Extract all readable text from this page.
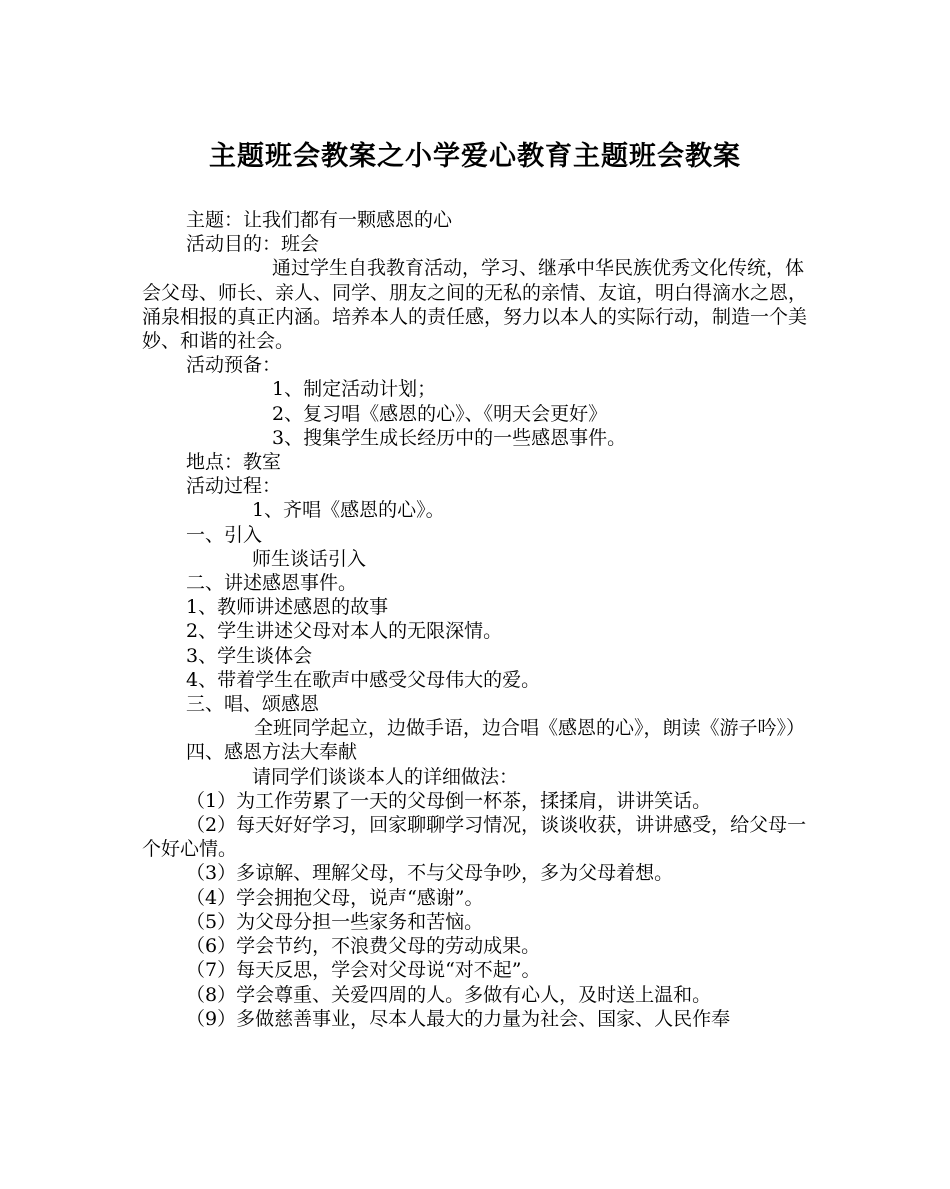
主题班会教案之小学爱心教育主题班会教案

主题：让我们都有一颗感恩的心

活动目的：班会

通过学生自我教育活动，学习、继承中华民族优秀文化传统，体会父母、师长、亲人、同学、朋友之间的无私的亲情、友谊，明白得滴水之恩，涌泉相报的真正内涵。培养本人的责任感，努力以本人的实际行动，制造一个美妙、和谐的社会。

活动预备：

1、制定活动计划；

2、复习唱《感恩的心》、《明天会更好》

3、搜集学生成长经历中的一些感恩事件。

地点：教室

活动过程：

1、齐唱《感恩的心》。

一、引入

师生谈话引入

二、讲述感恩事件。

1、教师讲述感恩的故事

2、学生讲述父母对本人的无限深情。

3、学生谈体会

4、带着学生在歌声中感受父母伟大的爱。

三、唱、颂感恩

全班同学起立，边做手语，边合唱《感恩的心》，朗读《游子吟》）

四、感恩方法大奉献

请同学们谈谈本人的详细做法：

（1）为工作劳累了一天的父母倒一杯茶，揉揉肩，讲讲笑话。

（2）每天好好学习，回家聊聊学习情况，谈谈收获，讲讲感受，给父母一个好心情。

（3）多谅解、理解父母，不与父母争吵，多为父母着想。

（4）学会拥抱父母，说声“感谢”。

（5）为父母分担一些家务和苦恼。

（6）学会节约，不浪费父母的劳动成果。

（7）每天反思，学会对父母说“对不起”。

（8）学会尊重、关爱四周的人。多做有心人，及时送上温和。

（9）多做慈善事业，尽本人最大的力量为社会、国家、人民作奉
